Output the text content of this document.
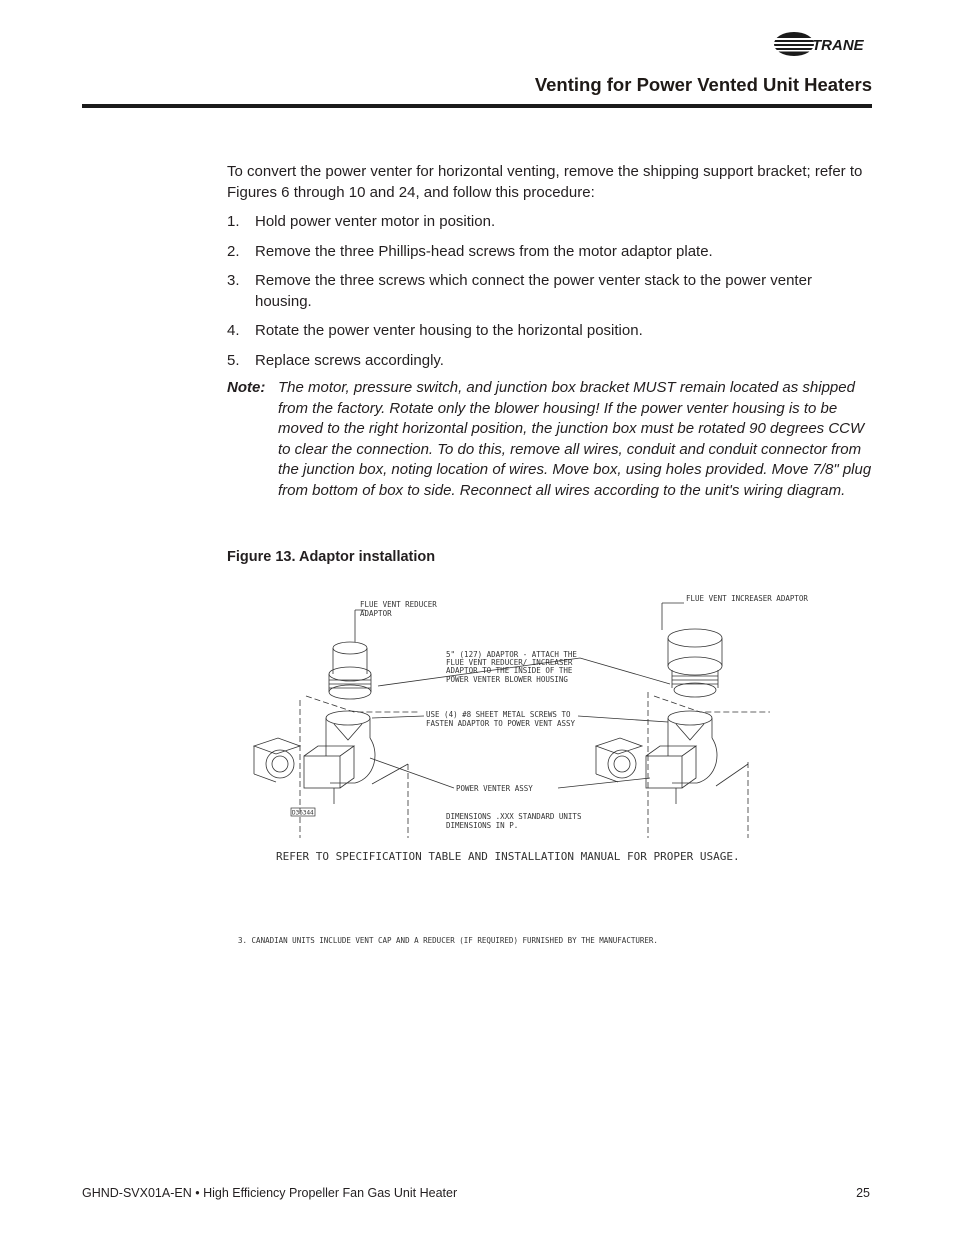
TRANE
Venting for Power Vented Unit Heaters

To convert the power venter for horizontal venting, remove the shipping support bracket; refer to Figures 6 through 10 and 24, and follow this procedure:

1.	Hold power venter motor in position.
2.	Remove the three Phillips-head screws from the motor adaptor plate.
3.	Remove the three screws which connect the power venter stack to the power venter housing.
4.	Rotate the power venter housing to the horizontal position.
5.	Replace screws accordingly.
Note: The motor, pressure switch, and junction box bracket MUST remain located as shipped from the factory. Rotate only the blower housing! If the power venter housing is to be moved to the right horizontal position, the junction box must be rotated 90 degrees CCW to clear the connection. To do this, remove all wires, conduit and conduit connector from the junction box, noting location of wires. Move box, using holes provided. Move 7/8" plug from bottom of box to side. Reconnect all wires according to the unit's wiring diagram.
Figure 13. Adaptor installation
FLUE VENT REDUCER
ADAPTOR
FLUE VENT INCREASER ADAPTOR
5" (127) ADAPTOR - ATTACH THE
FLUE VENT REDUCER/ INCREASER
ADAPTOR TO THE INSIDE OF THE
POWER VENTER BLOWER HOUSING
USE (4) #8 SHEET METAL SCREWS TO
FASTEN ADAPTOR TO POWER VENT ASSY
POWER VENTER ASSY
DIMENSIONS .XXX STANDARD UNITS
DIMENSIONS IN P.
3. CANADIAN UNITS INCLUDE VENT CAP AND A REDUCER (IF REQUIRED) FURNISHED BY THE MANUFACTURER.
D36344
REFER TO SPECIFICATION TABLE AND INSTALLATION MANUAL FOR PROPER USAGE.
GHND-SVX01A-EN • High Efficiency Propeller Fan Gas Unit Heater	25
